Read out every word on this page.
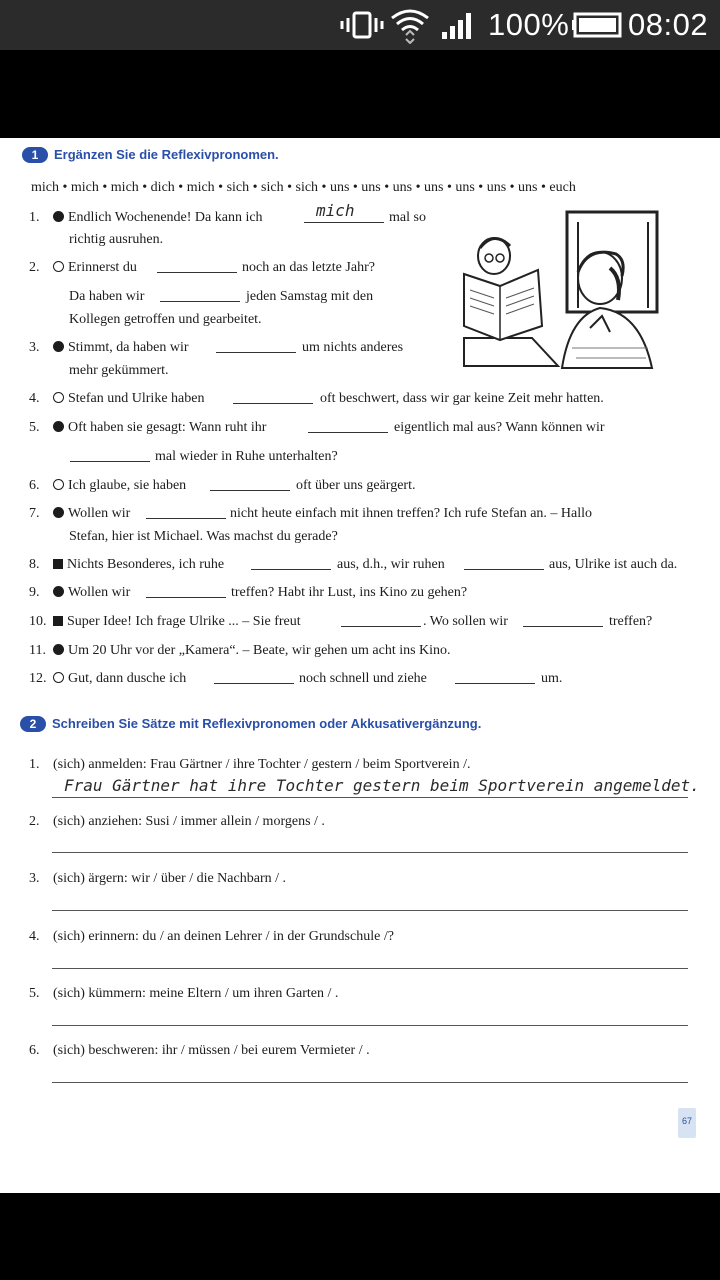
100% 08:02
1	Ergänzen Sie die Reflexivpronomen.
mich • mich • mich • dich • mich • sich • sich • sich • uns • uns • uns • uns • uns • uns • uns • euch
1.	Endlich Wochenende! Da kann ich	mich mal so
richtig ausruhen.
2.	Erinnerst du	noch an das letzte Jahr?
Da haben wir	jeden Samstag mit den
Kollegen getroffen und gearbeitet.
3.	Stimmt, da haben wir	um nichts anderes
mehr gekümmert.
4.	Stefan und Ulrike haben	oft beschwert, dass wir gar keine Zeit mehr hatten.
5.	Oft haben sie gesagt: Wann ruht ihr	eigentlich mal aus? Wann können wir
mal wieder in Ruhe unterhalten?
6.	Ich glaube, sie haben	oft über uns geärgert.
7.	Wollen wir	nicht heute einfach mit ihnen treffen? Ich rufe Stefan an. – Hallo
Stefan, hier ist Michael. Was machst du gerade?
8.	Nichts Besonderes, ich ruhe	aus, d.h., wir ruhen	aus, Ulrike ist auch da.
9.	Wollen wir	treffen? Habt ihr Lust, ins Kino zu gehen?
10.	Super Idee! Ich frage Ulrike ... – Sie freut	. Wo sollen wir	treffen?
11.	Um 20 Uhr vor der „Kamera“. – Beate, wir gehen um acht ins Kino.
12.	Gut, dann dusche ich	noch schnell und ziehe	um.
2	Schreiben Sie Sätze mit Reflexivpronomen oder Akkusativergänzung.
1. (sich) anmelden: Frau Gärtner / ihre Tochter / gestern / beim Sportverein /.
Frau Gärtner hat ihre Tochter gestern beim Sportverein angemeldet.
2. (sich) anziehen: Susi / immer allein / morgens / .
3. (sich) ärgern: wir / über / die Nachbarn / .
4. (sich) erinnern: du / an deinen Lehrer / in der Grundschule /?
5. (sich) kümmern: meine Eltern / um ihren Garten / .
6. (sich) beschweren: ihr / müssen / bei eurem Vermieter / .
67
